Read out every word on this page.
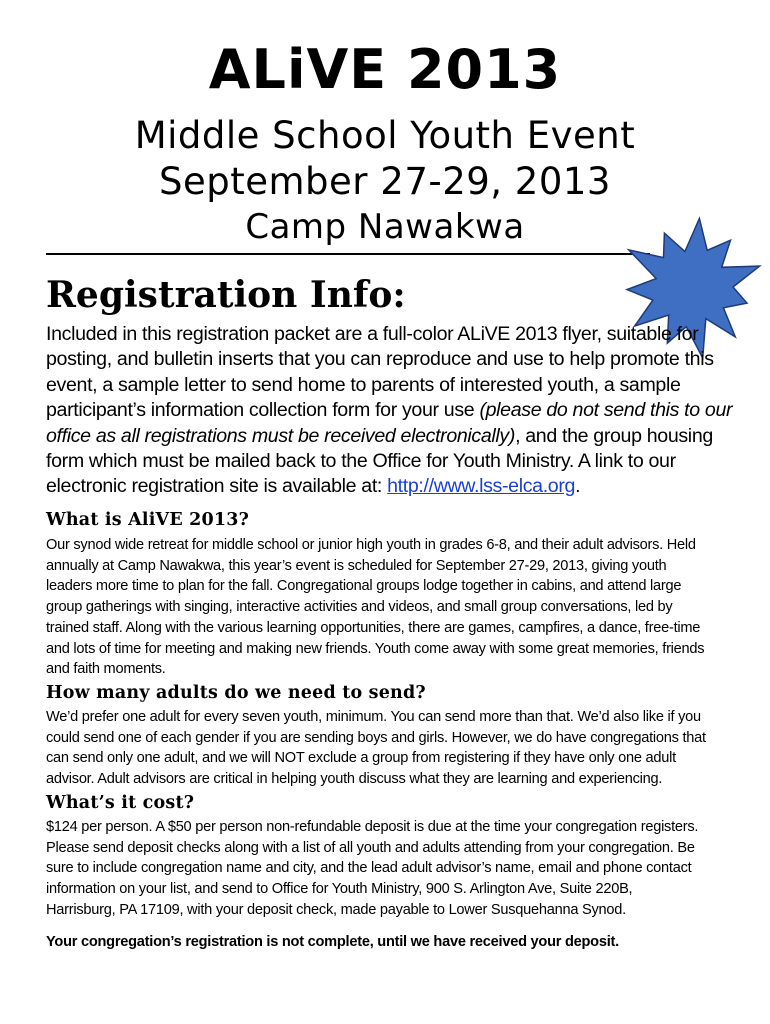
ALiVE 2013
Middle School Youth Event
September 27-29, 2013
Camp Nawakwa
Registration Info:
Included in this registration packet are a full-color ALiVE 2013 flyer, suitable for
posting, and bulletin inserts that you can reproduce and use to help promote this
event, a sample letter to send home to parents of interested youth, a sample
participant’s information collection form for your use (please do not send this to our
office as all registrations must be received electronically), and the group housing
form which must be mailed back to the Office for Youth Ministry. A link to our
electronic registration site is available at: http://www.lss-elca.org.
What is AliVE 2013?
Our synod wide retreat for middle school or junior high youth in grades 6-8, and their adult advisors. Held
annually at Camp Nawakwa, this year’s event is scheduled for September 27-29, 2013, giving youth
leaders more time to plan for the fall. Congregational groups lodge together in cabins, and attend large
group gatherings with singing, interactive activities and videos, and small group conversations, led by
trained staff. Along with the various learning opportunities, there are games, campfires, a dance, free-time
and lots of time for meeting and making new friends. Youth come away with some great memories, friends
and faith moments.
How many adults do we need to send?
We’d prefer one adult for every seven youth, minimum. You can send more than that. We’d also like if you
could send one of each gender if you are sending boys and girls. However, we do have congregations that
can send only one adult, and we will NOT exclude a group from registering if they have only one adult
advisor. Adult advisors are critical in helping youth discuss what they are learning and experiencing.
What’s it cost?
$124 per person. A $50 per person non-refundable deposit is due at the time your congregation registers.
Please send deposit checks along with a list of all youth and adults attending from your congregation. Be
sure to include congregation name and city, and the lead adult advisor’s name, email and phone contact
information on your list, and send to Office for Youth Ministry, 900 S. Arlington Ave, Suite 220B,
Harrisburg, PA 17109, with your deposit check, made payable to Lower Susquehanna Synod.
Your congregation’s registration is not complete, until we have received your deposit.
